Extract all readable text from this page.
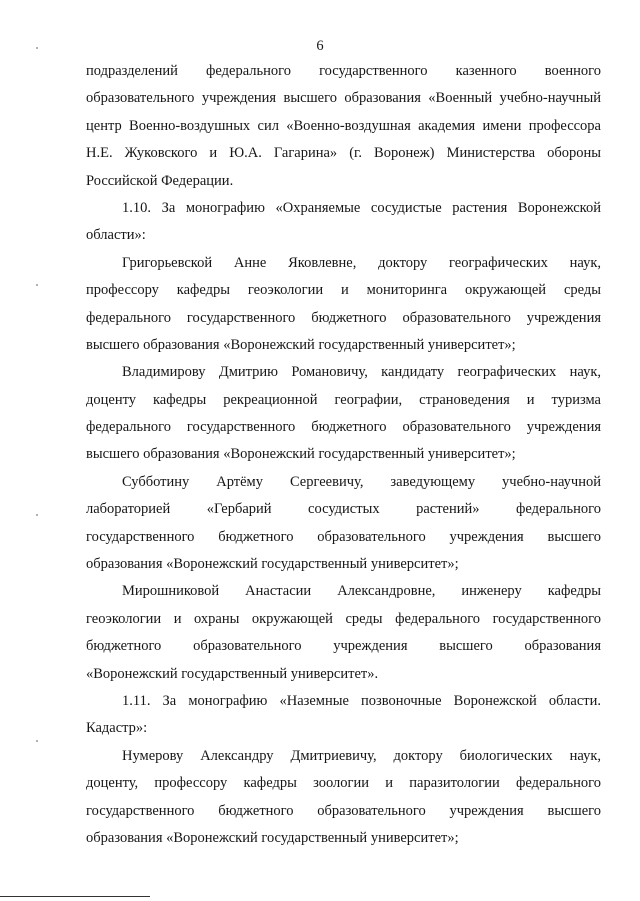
6
подразделений федерального государственного казенного военного
образовательного учреждения высшего образования «Военный учебно-научный
центр Военно-воздушных сил «Военно-воздушная академия имени профессора
Н.Е. Жуковского и Ю.А. Гагарина» (г. Воронеж) Министерства обороны
Российской Федерации.
1.10. За монографию «Охраняемые сосудистые растения Воронежской
области»:
Григорьевской Анне Яковлевне, доктору географических наук,
профессору кафедры геоэкологии и мониторинга окружающей среды
федерального государственного бюджетного образовательного учреждения
высшего образования «Воронежский государственный университет»;
Владимирову Дмитрию Романовичу, кандидату географических наук,
доценту кафедры рекреационной географии, страноведения и туризма
федерального государственного бюджетного образовательного учреждения
высшего образования «Воронежский государственный университет»;
Субботину Артёму Сергеевичу, заведующему учебно-научной
лабораторией «Гербарий сосудистых растений» федерального
государственного бюджетного образовательного учреждения высшего
образования «Воронежский государственный университет»;
Мирошниковой Анастасии Александровне, инженеру кафедры
геоэкологии и охраны окружающей среды федерального государственного
бюджетного образовательного учреждения высшего образования
«Воронежский государственный университет».
1.11. За монографию «Наземные позвоночные Воронежской области.
Кадастр»:
Нумерову Александру Дмитриевичу, доктору биологических наук,
доценту, профессору кафедры зоологии и паразитологии федерального
государственного бюджетного образовательного учреждения высшего
образования «Воронежский государственный университет»;
